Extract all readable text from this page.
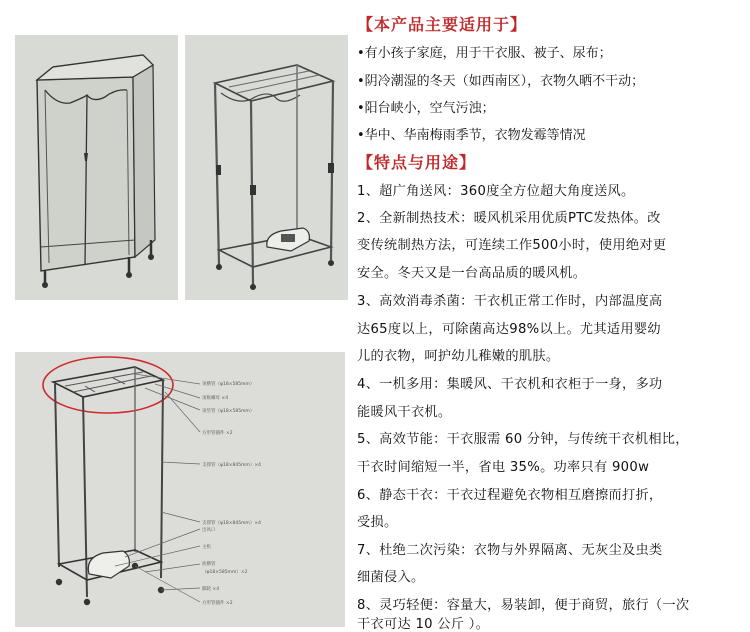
顶横管（φ18×585mm）
顶框螺母 ×4
顶竖管（φ18×585mm）
方形管插件 ×2
支撑管（φ18×845mm）×4
支撑管（φ18×845mm）×4
出风口
主机
底横管
（φ18×585mm）×2
脚轮 ×4
方形管插件 ×2
【本产品主要适用于】
•有小孩子家庭，用于干衣服、被子、尿布；
•阴冷潮湿的冬天（如西南区），衣物久晒不干动；
•阳台峡小，空气污浊；
•华中、华南梅雨季节，衣物发霉等情况
【特点与用途】
1、超广角送风：360度全方位超大角度送风。
2、全新制热技术：暖风机采用优质PTC发热体。改
变传统制热方法，可连续工作500小时，使用绝对更
安全。冬天又是一台高品质的暖风机。
3、高效消毒杀菌：干衣机正常工作时，内部温度高
达65度以上，可除菌高达98%以上。尤其适用婴幼
儿的衣物，呵护幼儿稚嫩的肌肤。
4、一机多用：集暖风、干衣机和衣柜于一身，多功
能暖风干衣机。
5、高效节能：干衣服需 60 分钟，与传统干衣机相比，
干衣时间缩短一半，省电 35%。功率只有 900w
6、静态干衣：干衣过程避免衣物相互磨擦而打折，
受损。
7、杜绝二次污染：衣物与外界隔离、无灰尘及虫类
细菌侵入。
8、灵巧轻便：容量大，易装卸，便于商贸，旅行（一次
干衣可达 10 公斤 ）。
